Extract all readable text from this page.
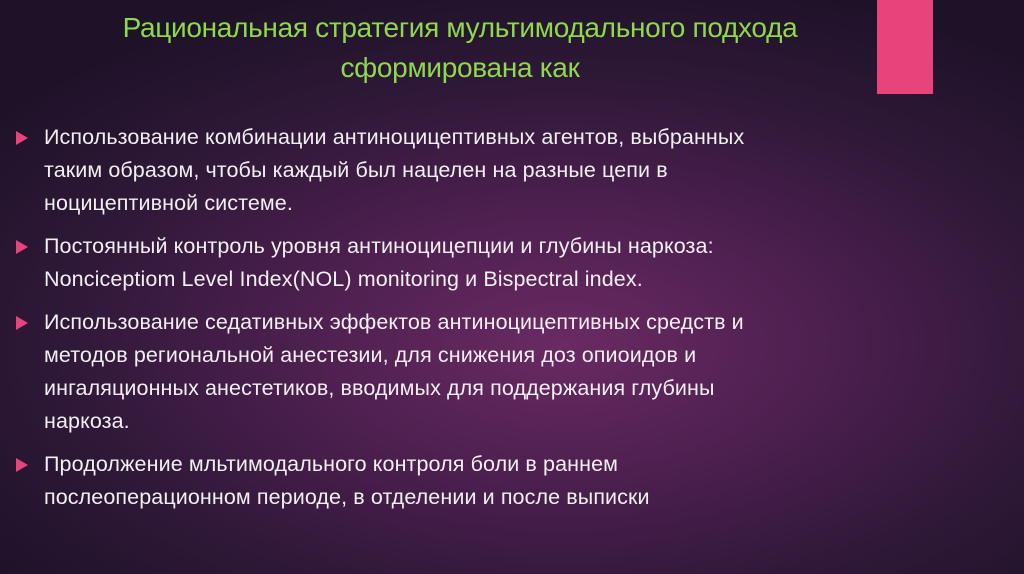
Рациональная стратегия мультимодального подхода
сформирована как
Использование комбинации антиноцицептивных агентов, выбранных
таким образом, чтобы каждый был нацелен на разные цепи в
ноцицептивной системе.
Постоянный контроль уровня антиноцицепции и глубины наркоза:
Nonciceptiom Level Index(NOL) monitoring и Bispectral index.
Использование седативных эффектов антиноцицептивных средств и
методов региональной анестезии, для снижения доз опиоидов и
ингаляционных анестетиков, вводимых для поддержания глубины
наркоза.
Продолжение мльтимодального контроля боли в раннем
послеоперационном периоде, в отделении и после выписки
